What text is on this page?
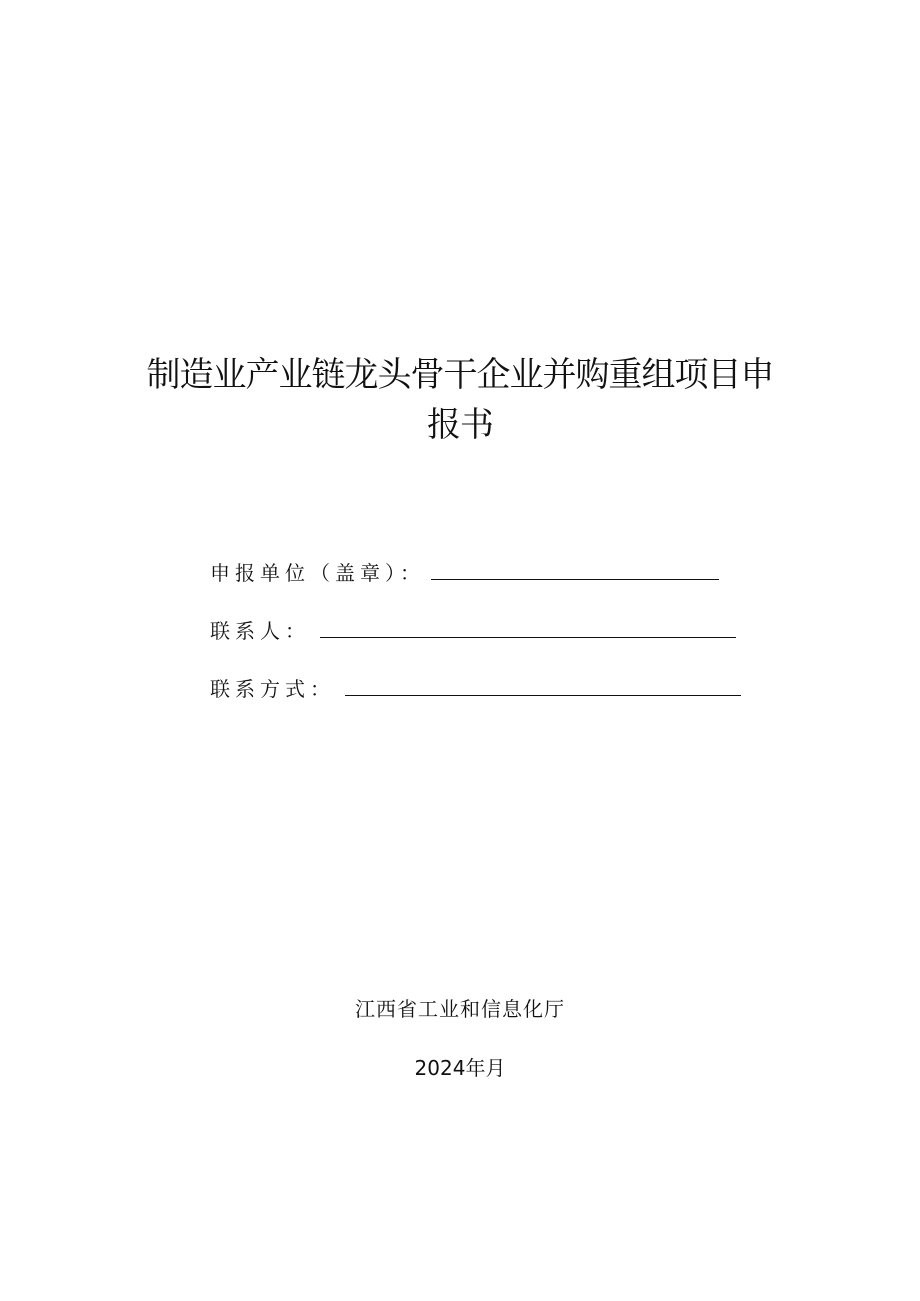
制造业产业链龙头骨干企业并购重组项目申
报书
申报单位（盖章）：
联系人：
联系方式：
江西省工业和信息化厅
2024年月
